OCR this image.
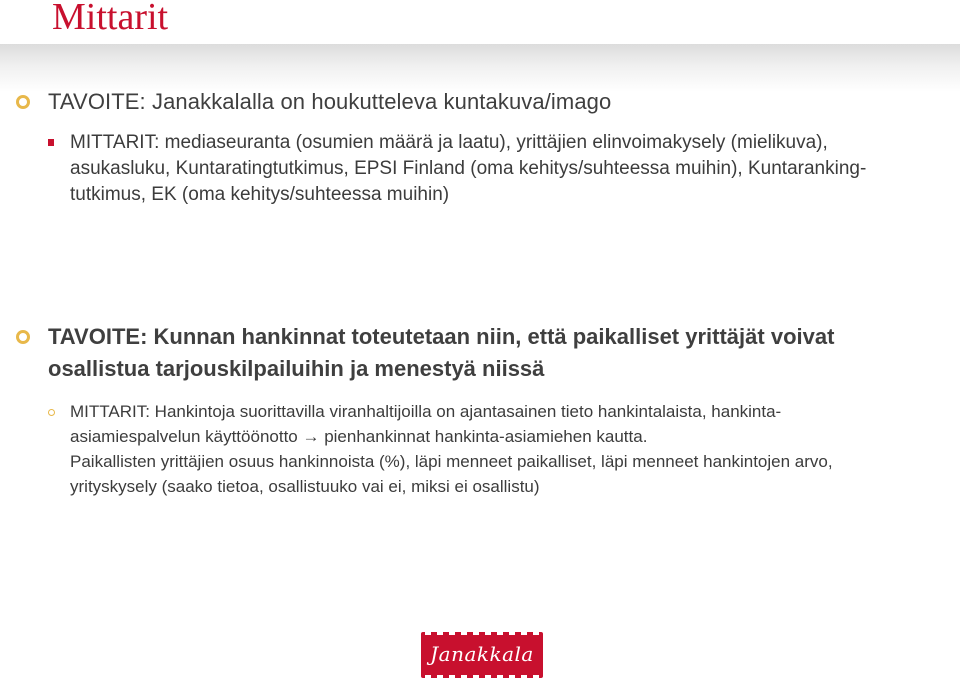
Mittarit
TAVOITE: Janakkalalla on houkutteleva kuntakuva/imago
MITTARIT: mediaseuranta (osumien määrä ja laatu), yrittäjien elinvoimakysely (mielikuva), asukasluku, Kuntaratingtutkimus, EPSI Finland (oma kehitys/suhteessa muihin), Kuntaranking-tutkimus, EK (oma kehitys/suhteessa muihin)
TAVOITE: Kunnan hankinnat toteutetaan niin, että paikalliset yrittäjät voivat osallistua tarjouskilpailuihin ja menestyä niissä

MITTARIT: Hankintoja suorittavilla viranhaltijoilla on ajantasainen tieto hankintalaista, hankinta-asiamiespalvelun käyttöönotto → pienhankinnat hankinta-asiamiehen kautta.

Paikallisten yrittäjien osuus hankinnoista (%), läpi menneet paikalliset, läpi menneet hankintojen arvo, yrityskysely (saako tietoa, osallistuuko vai ei, miksi ei osallistu)

Janakkala
